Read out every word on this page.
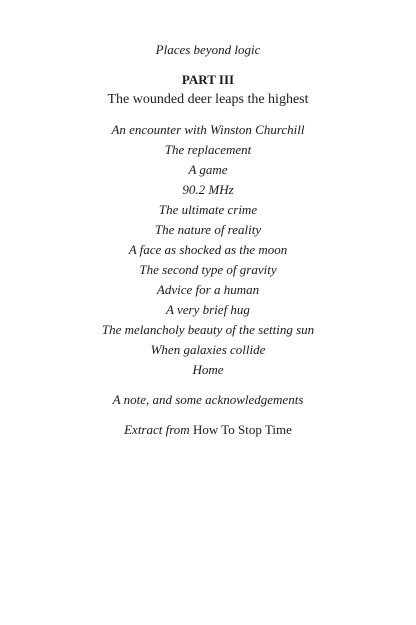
Places beyond logic
PART III
The wounded deer leaps the highest
An encounter with Winston Churchill
The replacement
A game
90.2 MHz
The ultimate crime
The nature of reality
A face as shocked as the moon
The second type of gravity
Advice for a human
A very brief hug
The melancholy beauty of the setting sun
When galaxies collide
Home
A note, and some acknowledgements
Extract from How To Stop Time
